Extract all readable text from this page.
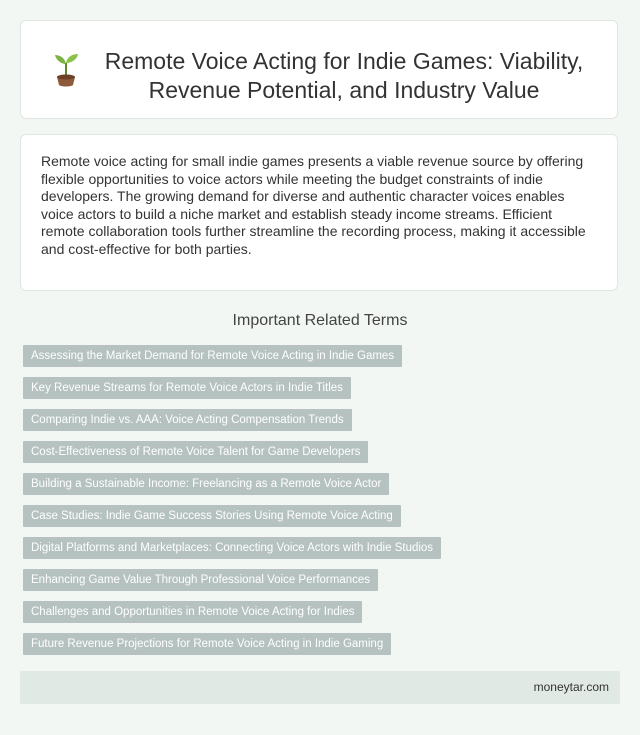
Remote Voice Acting for Indie Games: Viability, Revenue Potential, and Industry Value

Remote voice acting for small indie games presents a viable revenue source by offering flexible opportunities to voice actors while meeting the budget constraints of indie developers. The growing demand for diverse and authentic character voices enables voice actors to build a niche market and establish steady income streams. Efficient remote collaboration tools further streamline the recording process, making it accessible and cost-effective for both parties.

Important Related Terms
Assessing the Market Demand for Remote Voice Acting in Indie Games
Key Revenue Streams for Remote Voice Actors in Indie Titles
Comparing Indie vs. AAA: Voice Acting Compensation Trends
Cost-Effectiveness of Remote Voice Talent for Game Developers
Building a Sustainable Income: Freelancing as a Remote Voice Actor
Case Studies: Indie Game Success Stories Using Remote Voice Acting
Digital Platforms and Marketplaces: Connecting Voice Actors with Indie Studios
Enhancing Game Value Through Professional Voice Performances
Challenges and Opportunities in Remote Voice Acting for Indies
Future Revenue Projections for Remote Voice Acting in Indie Gaming
moneytar.com
